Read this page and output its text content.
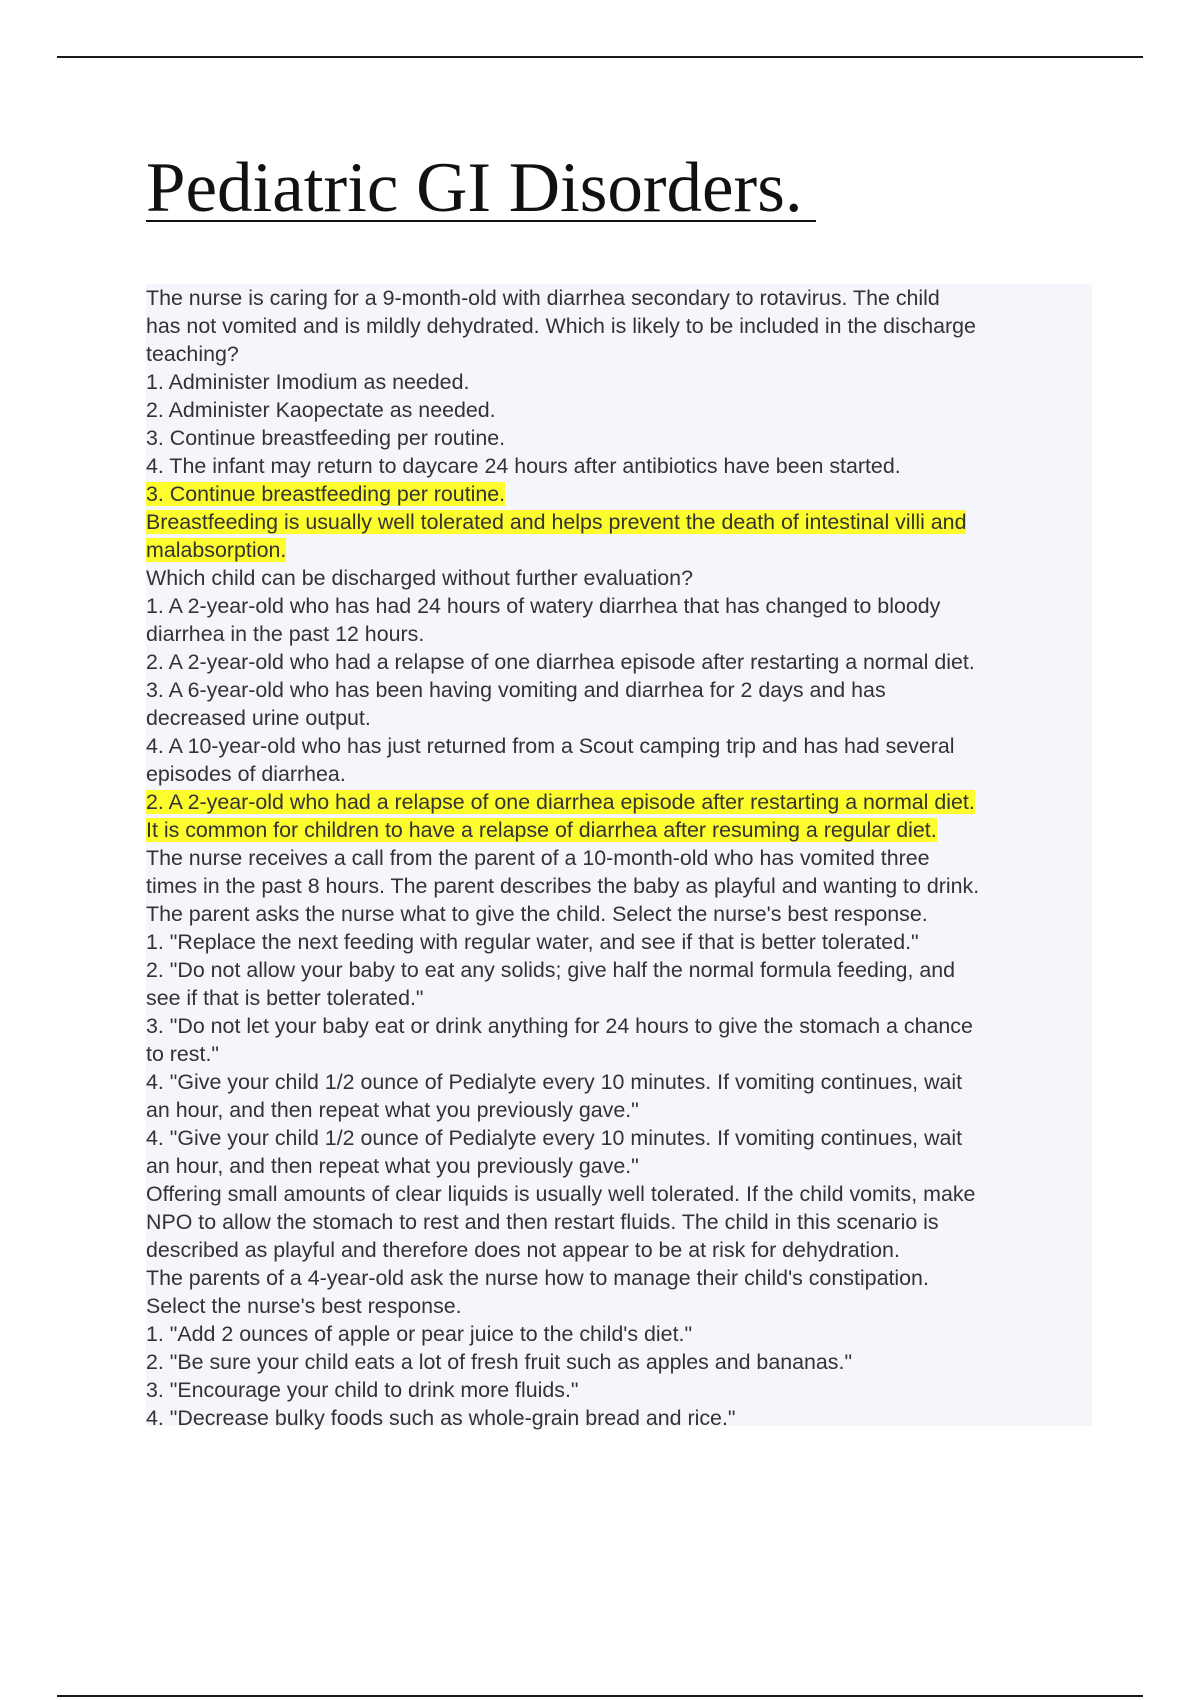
Pediatric GI Disorders.
The nurse is caring for a 9-month-old with diarrhea secondary to rotavirus. The child
has not vomited and is mildly dehydrated. Which is likely to be included in the discharge
teaching?
1. Administer Imodium as needed.
2. Administer Kaopectate as needed.
3. Continue breastfeeding per routine.
4. The infant may return to daycare 24 hours after antibiotics have been started.
3. Continue breastfeeding per routine.
Breastfeeding is usually well tolerated and helps prevent the death of intestinal villi and
malabsorption.
Which child can be discharged without further evaluation?
1. A 2-year-old who has had 24 hours of watery diarrhea that has changed to bloody
diarrhea in the past 12 hours.
2. A 2-year-old who had a relapse of one diarrhea episode after restarting a normal diet.
3. A 6-year-old who has been having vomiting and diarrhea for 2 days and has
decreased urine output.
4. A 10-year-old who has just returned from a Scout camping trip and has had several
episodes of diarrhea.
2. A 2-year-old who had a relapse of one diarrhea episode after restarting a normal diet.
It is common for children to have a relapse of diarrhea after resuming a regular diet.
The nurse receives a call from the parent of a 10-month-old who has vomited three
times in the past 8 hours. The parent describes the baby as playful and wanting to drink.
The parent asks the nurse what to give the child. Select the nurse's best response.
1. "Replace the next feeding with regular water, and see if that is better tolerated."
2. "Do not allow your baby to eat any solids; give half the normal formula feeding, and
see if that is better tolerated."
3. "Do not let your baby eat or drink anything for 24 hours to give the stomach a chance
to rest."
4. "Give your child 1/2 ounce of Pedialyte every 10 minutes. If vomiting continues, wait
an hour, and then repeat what you previously gave."
4. "Give your child 1/2 ounce of Pedialyte every 10 minutes. If vomiting continues, wait
an hour, and then repeat what you previously gave."
Offering small amounts of clear liquids is usually well tolerated. If the child vomits, make
NPO to allow the stomach to rest and then restart fluids. The child in this scenario is
described as playful and therefore does not appear to be at risk for dehydration.
The parents of a 4-year-old ask the nurse how to manage their child's constipation.
Select the nurse's best response.
1. "Add 2 ounces of apple or pear juice to the child's diet."
2. "Be sure your child eats a lot of fresh fruit such as apples and bananas."
3. "Encourage your child to drink more fluids."
4. "Decrease bulky foods such as whole-grain bread and rice."
